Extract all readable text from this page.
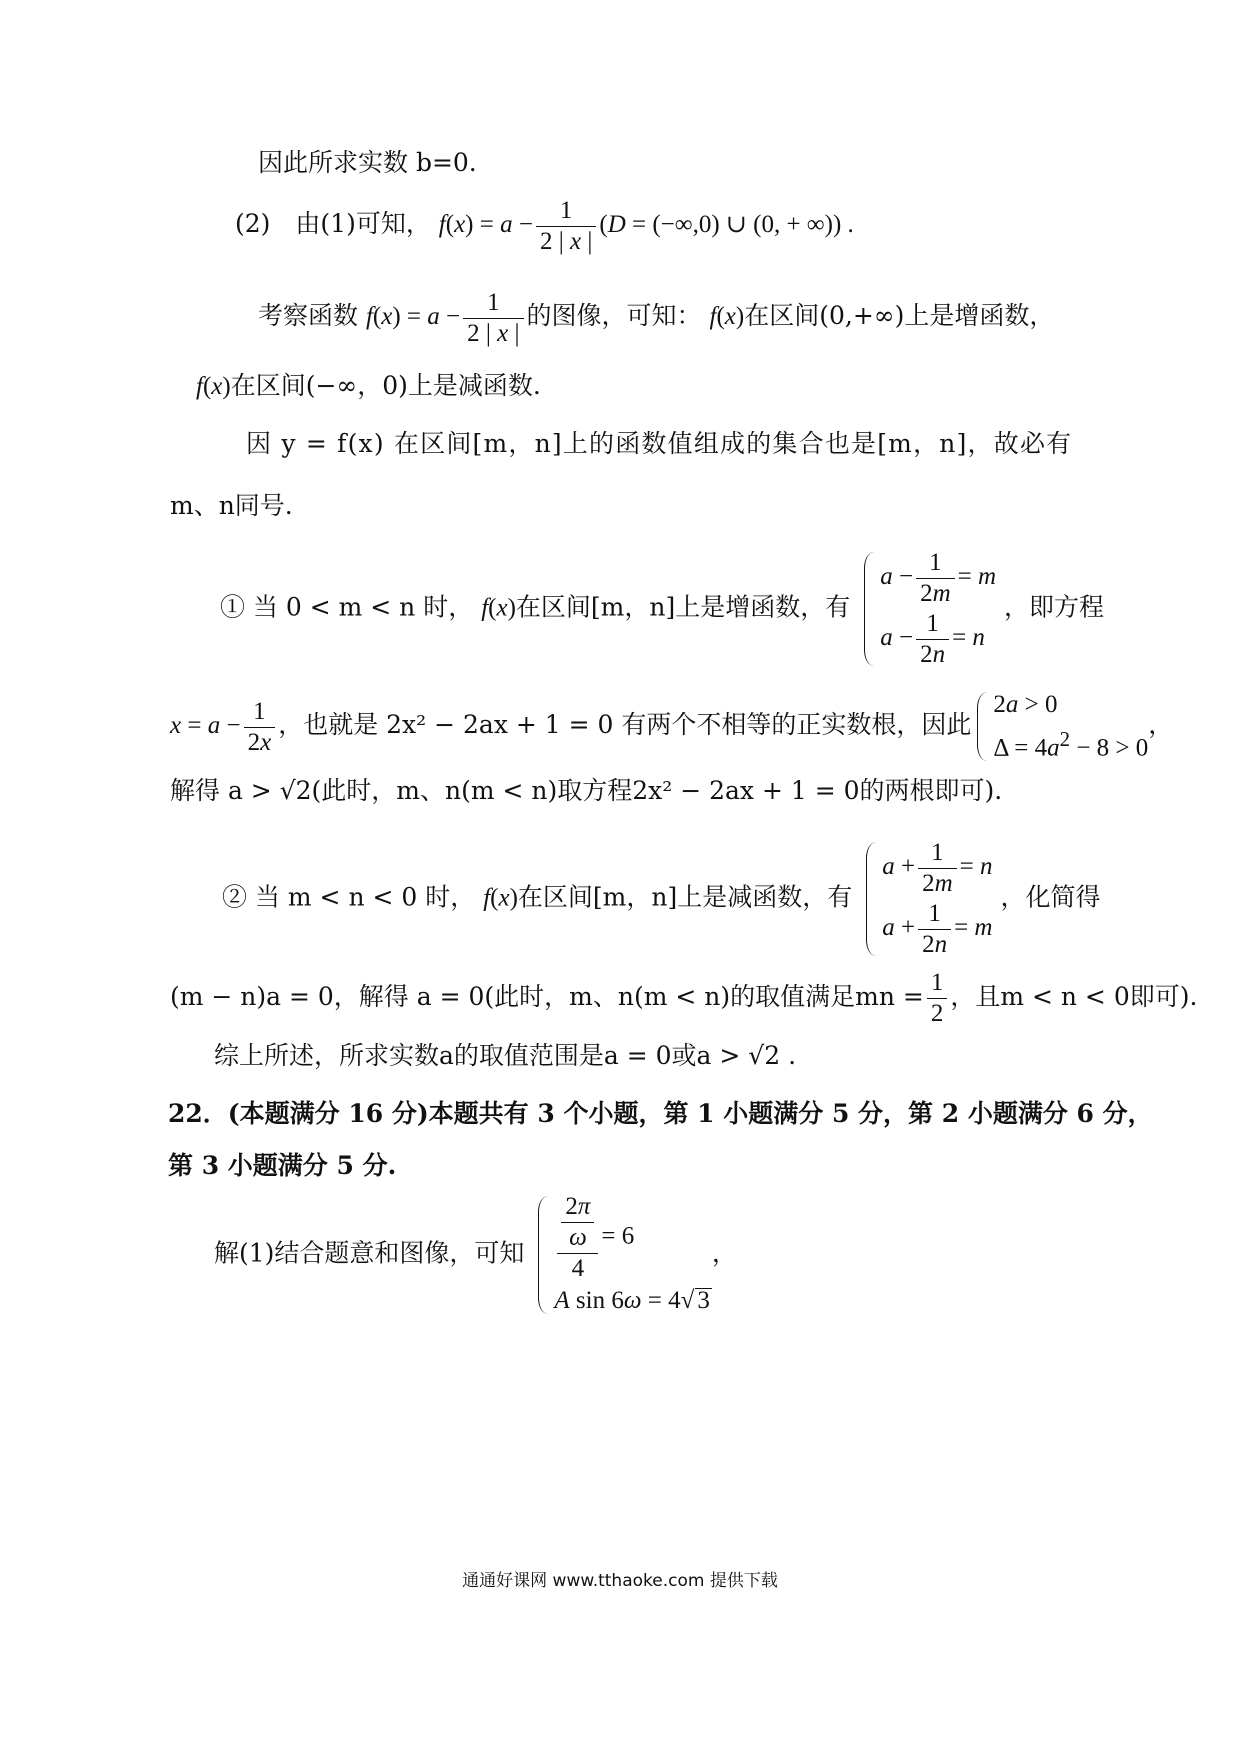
因此所求实数 b=0.
(2)　由(1)可知， $f(x) = a - \frac{1}{2 | x |} (D = (-\infty,0)$ ∪ (0, + ∞)) .
考察函数 $f(x) = a - \frac{1}{2 | x |}$ 的图像，可知： f(x)在区间(0,+∞)上是增函数，
f(x)在区间(−∞，0)上是减函数.
因 y = f(x) 在区间[m，n]上的函数值组成的集合也是[m，n]，故必有
m、n同号.
① 当 0 < m < n 时， f(x)在区间[m，n]上是增函数，有
$a - \frac{1}{2m} = m$
$a - \frac{1}{2n} = n$
，即方程
$x = a - \frac{1}{2x}$ ，也就是 2x² − 2ax + 1 = 0 有两个不相等的正实数根，因此
2a > 0
$\Delta = 4a^2 - 8 > 0$
，
解得 a > √2(此时，m、n(m < n)取方程2x² − 2ax + 1 = 0的两根即可).
② 当 m < n < 0 时， f(x)在区间[m，n]上是减函数，有
$a + \frac{1}{2m} = n$
$a + \frac{1}{2n} = m$
，化简得
(m − n)a = 0，解得 a = 0(此时，m、n(m < n)的取值满足mn = $\frac{1}{2}$ ，且m < n < 0即可).
综上所述，所求实数a的取值范围是a = 0或a > √2 .
22．(本题满分 16 分)本题共有 3 个小题，第 1 小题满分 5 分，第 2 小题满分 6 分，
第 3 小题满分 5 分.
解(1)结合题意和图像，可知 $\frac{\frac{2\pi}{\omega}}{4} = 6$
A sin 6ω = 4√ 3
，
通通好课网 www.tthaoke.com 提供下载
